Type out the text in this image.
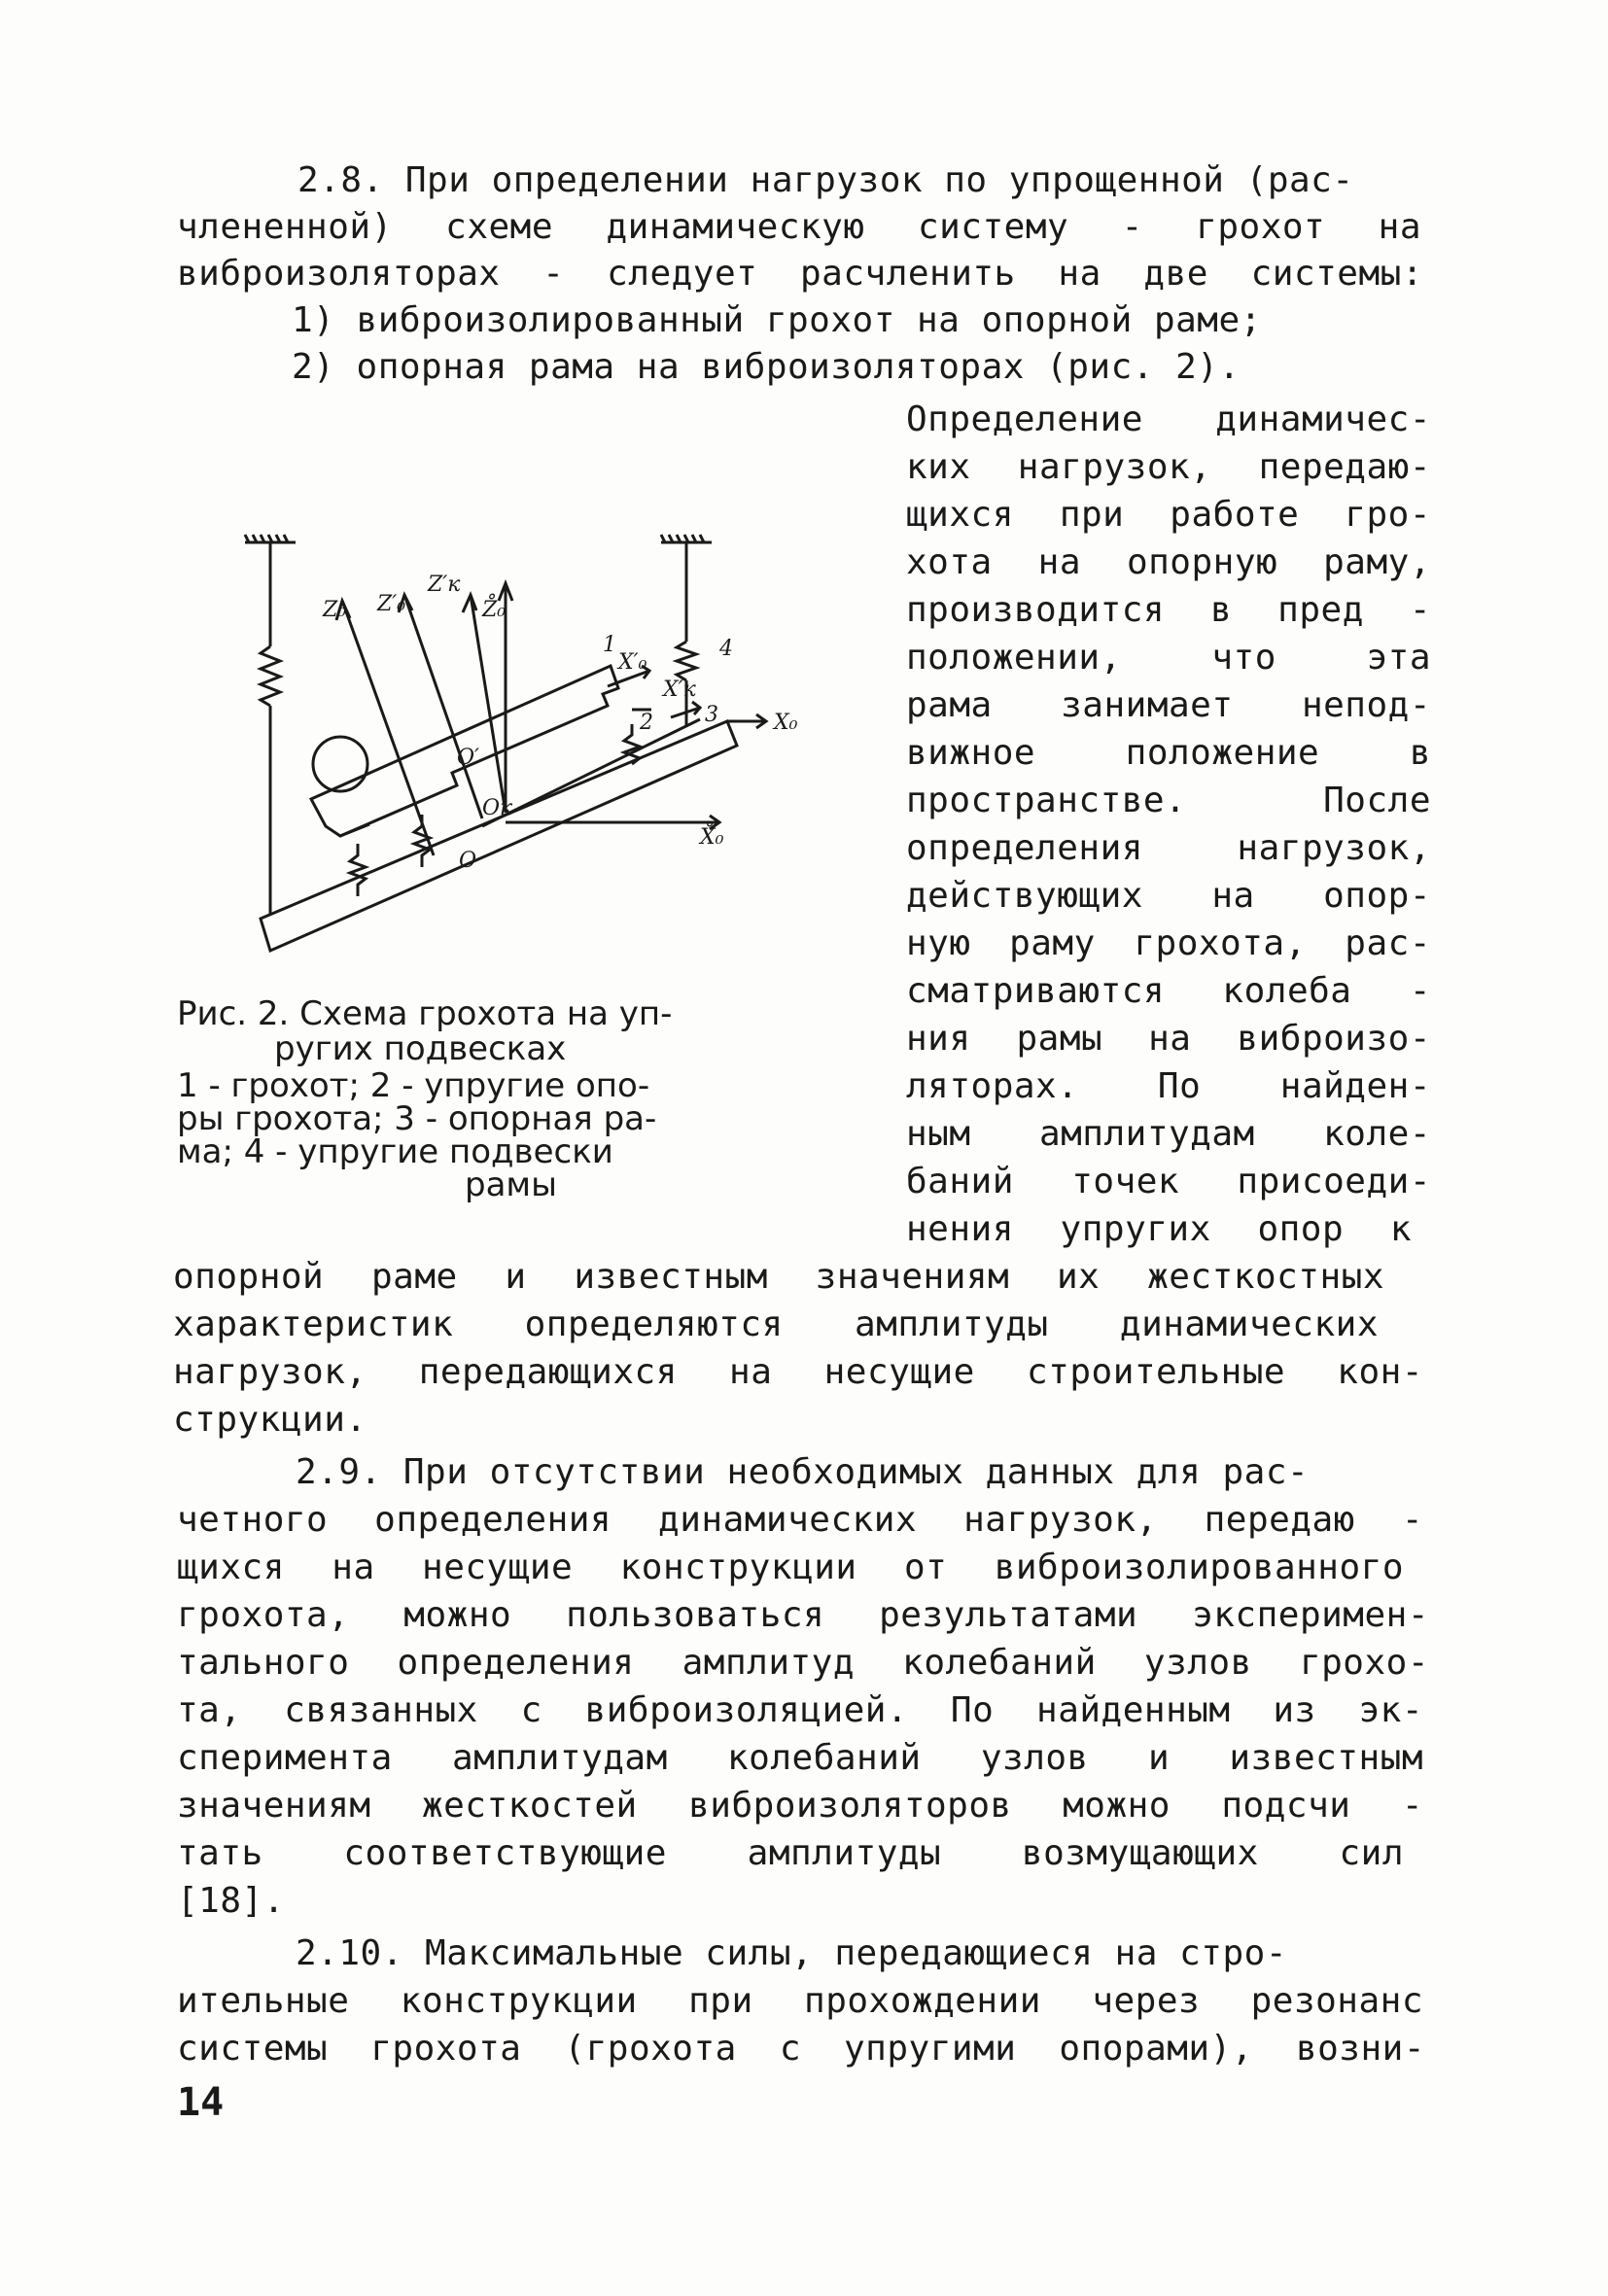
2.8. При определении нагрузок по упрощенной (рас-
члененной) схеме динамическую систему - грохот на
виброизоляторах - следует расчленить на две системы:
1) виброизолированный грохот на опорной раме;
2) опорная рама на виброизоляторах (рис. 2).
Определение динамичес-
ких нагрузок, передаю-
щихся при работе гро-
хота на опорную раму,
производится в пред -
положении, что эта
рама занимает непод-
вижное положение в
пространстве. После
определения нагрузок,
действующих на опор-
ную раму грохота, рас-
сматриваются колеба -
ния рамы на виброизо-
ляторах. По найден-
ным амплитудам коле-
баний точек присоеди-
нения упругих опор к
Z₀ Z′₀
Z′к
Z̊₀
X′₀
X′к
X₀
X̊₀
O
O′
Oк
1
2 3
4
Рис. 2. Схема грохота на уп-
ругих подвесках
1 - грохот; 2 - упругие опо-
ры грохота; 3 - опорная ра-
ма; 4 - упругие подвески
рамы
опорной раме и известным значениям их жесткостных
характеристик определяются амплитуды динамических
нагрузок, передающихся на несущие строительные кон-
струкции.
2.9. При отсутствии необходимых данных для рас-
четного определения динамических нагрузок, передаю -
щихся на несущие конструкции от виброизолированного
грохота, можно пользоваться результатами эксперимен-
тального определения амплитуд колебаний узлов грохо-
та, связанных с виброизоляцией. По найденным из эк-
сперимента амплитудам колебаний узлов и известным
значениям жесткостей виброизоляторов можно подсчи -
тать соответствующие амплитуды возмущающих сил
[18].
2.10. Максимальные силы, передающиеся на стро-
ительные конструкции при прохождении через резонанс
системы грохота (грохота с упругими опорами), возни-
14
